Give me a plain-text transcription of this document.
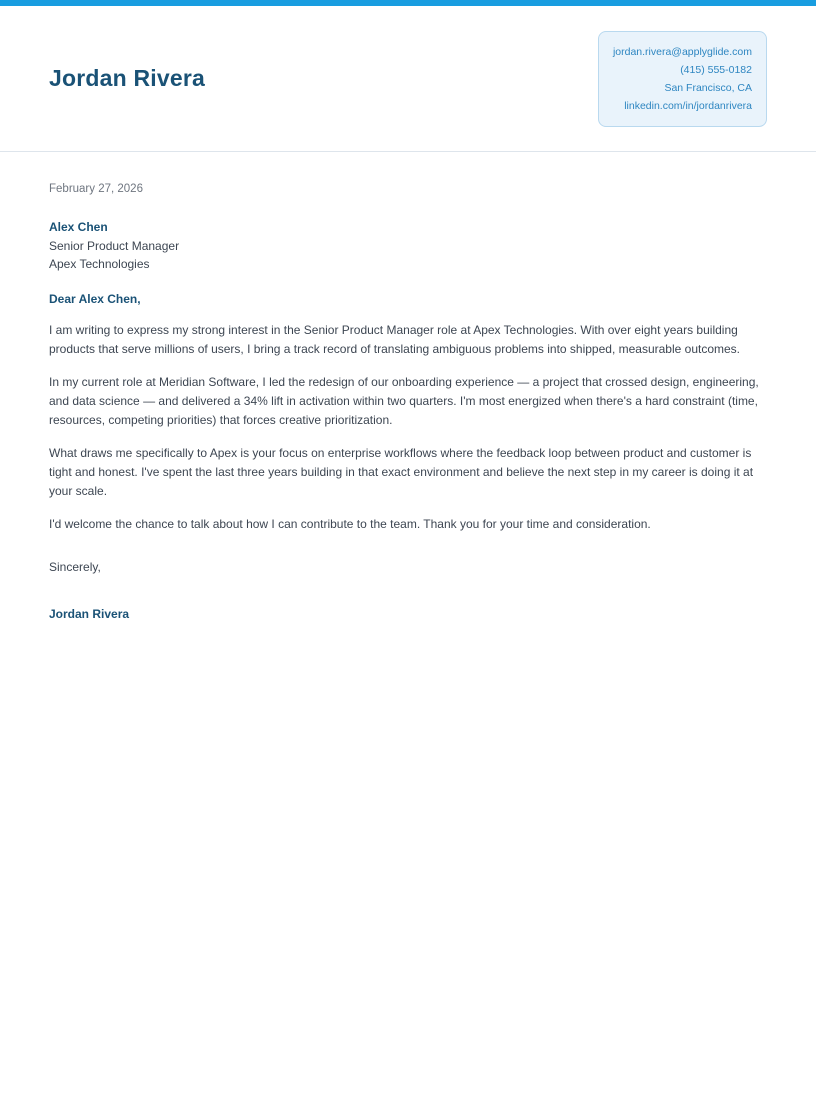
Jordan Rivera
jordan.rivera@applyglide.com
(415) 555-0182
San Francisco, CA
linkedin.com/in/jordanrivera
February 27, 2026
Alex Chen
Senior Product Manager
Apex Technologies
Dear Alex Chen,

I am writing to express my strong interest in the Senior Product Manager role at Apex Technologies. With over eight years building products that serve millions of users, I bring a track record of translating ambiguous problems into shipped, measurable outcomes.

In my current role at Meridian Software, I led the redesign of our onboarding experience — a project that crossed design, engineering, and data science — and delivered a 34% lift in activation within two quarters. I'm most energized when there's a hard constraint (time, resources, competing priorities) that forces creative prioritization.

What draws me specifically to Apex is your focus on enterprise workflows where the feedback loop between product and customer is tight and honest. I've spent the last three years building in that exact environment and believe the next step in my career is doing it at your scale.

I'd welcome the chance to talk about how I can contribute to the team. Thank you for your time and consideration.

Sincerely,
Jordan Rivera
